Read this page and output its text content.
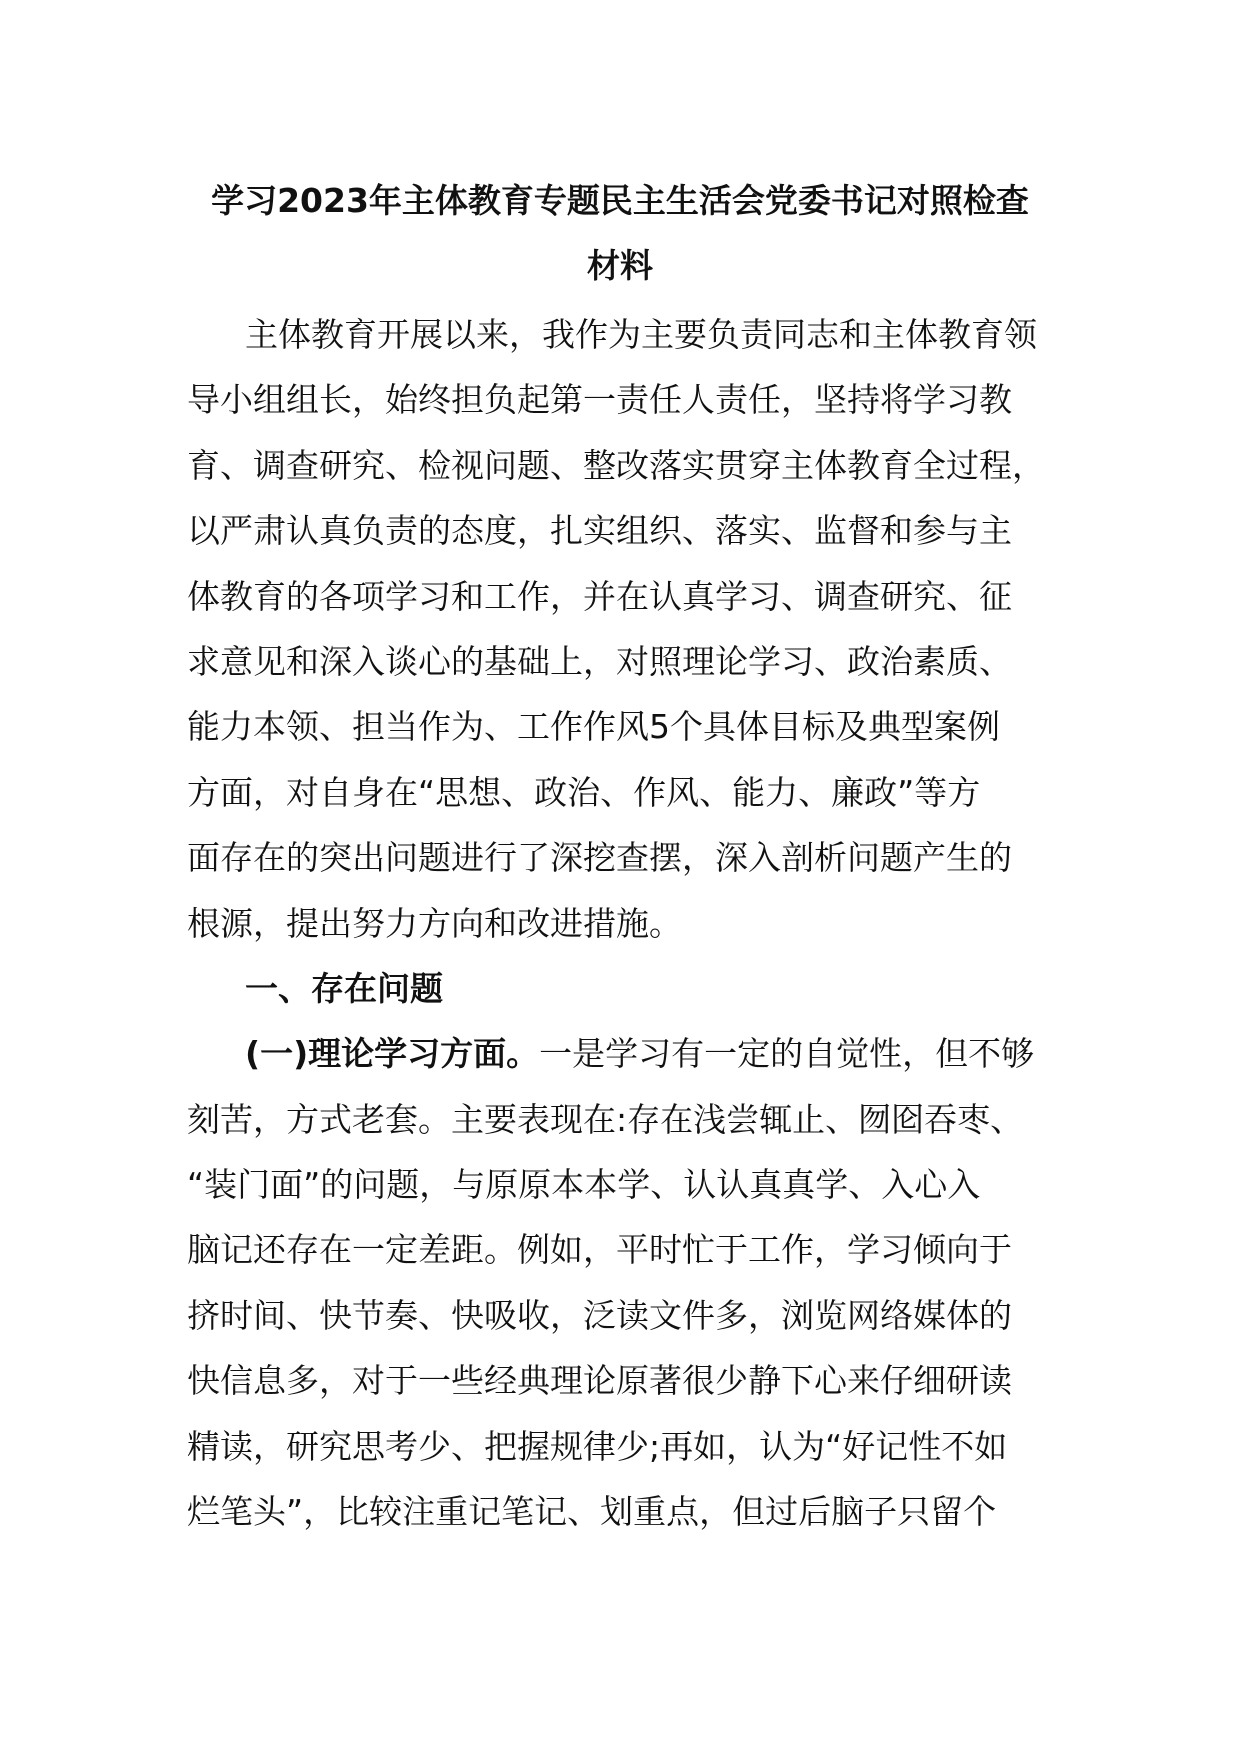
学习2023年主体教育专题民主生活会党委书记对照检查
材料
主体教育开展以来，我作为主要负责同志和主体教育领
导小组组长，始终担负起第一责任人责任，坚持将学习教
育、调查研究、检视问题、整改落实贯穿主体教育全过程，
以严肃认真负责的态度，扎实组织、落实、监督和参与主
体教育的各项学习和工作，并在认真学习、调查研究、征
求意见和深入谈心的基础上，对照理论学习、政治素质、
能力本领、担当作为、工作作风5个具体目标及典型案例
方面，对自身在“思想、政治、作风、能力、廉政”等方
面存在的突出问题进行了深挖查摆，深入剖析问题产生的
根源，提出努力方向和改进措施。
一、存在问题
(一)理论学习方面。一是学习有一定的自觉性，但不够
刻苦，方式老套。主要表现在:存在浅尝辄止、囫囵吞枣、
“装门面”的问题，与原原本本学、认认真真学、入心入
脑记还存在一定差距。例如，平时忙于工作，学习倾向于
挤时间、快节奏、快吸收，泛读文件多，浏览网络媒体的
快信息多，对于一些经典理论原著很少静下心来仔细研读
精读，研究思考少、把握规律少;再如，认为“好记性不如
烂笔头”，比较注重记笔记、划重点，但过后脑子只留个
